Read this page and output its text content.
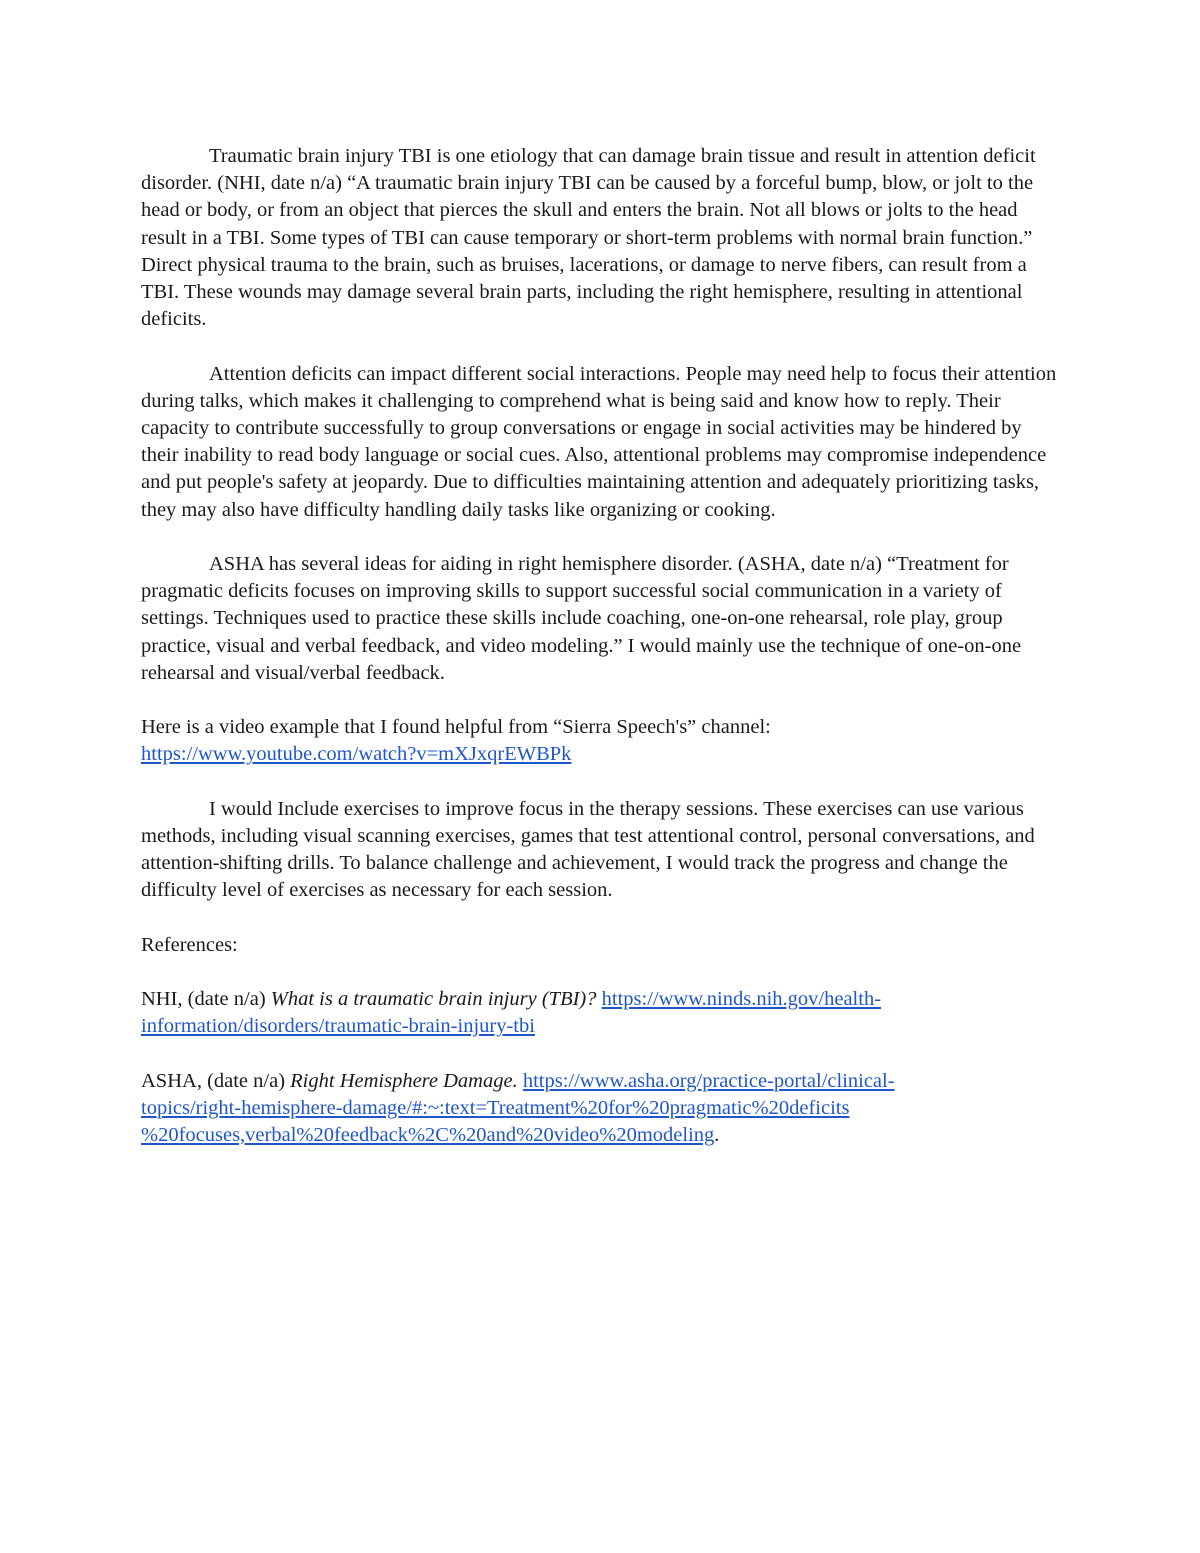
Traumatic brain injury TBI is one etiology that can damage brain tissue and result in attention deficit disorder. (NHI, date n/a) “A traumatic brain injury TBI can be caused by a forceful bump, blow, or jolt to the head or body, or from an object that pierces the skull and enters the brain. Not all blows or jolts to the head result in a TBI. Some types of TBI can cause temporary or short-term problems with normal brain function.” Direct physical trauma to the brain, such as bruises, lacerations, or damage to nerve fibers, can result from a TBI. These wounds may damage several brain parts, including the right hemisphere, resulting in attentional deficits.

Attention deficits can impact different social interactions. People may need help to focus their attention during talks, which makes it challenging to comprehend what is being said and know how to reply. Their capacity to contribute successfully to group conversations or engage in social activities may be hindered by their inability to read body language or social cues. Also, attentional problems may compromise independence and put people's safety at jeopardy. Due to difficulties maintaining attention and adequately prioritizing tasks, they may also have difficulty handling daily tasks like organizing or cooking.

ASHA has several ideas for aiding in right hemisphere disorder. (ASHA, date n/a) “Treatment for pragmatic deficits focuses on improving skills to support successful social communication in a variety of settings. Techniques used to practice these skills include coaching, one-on-one rehearsal, role play, group practice, visual and verbal feedback, and video modeling.” I would mainly use the technique of one-on-one rehearsal and visual/verbal feedback.

Here is a video example that I found helpful from “Sierra Speech's” channel:
https://www.youtube.com/watch?v=mXJxqrEWBPk

I would Include exercises to improve focus in the therapy sessions. These exercises can use various methods, including visual scanning exercises, games that test attentional control, personal conversations, and attention-shifting drills. To balance challenge and achievement, I would track the progress and change the difficulty level of exercises as necessary for each session.

References:

NHI, (date n/a) What is a traumatic brain injury (TBI)? https://www.ninds.nih.gov/health-
information/disorders/traumatic-brain-injury-tbi

ASHA, (date n/a) Right Hemisphere Damage. https://www.asha.org/practice-portal/clinical-
topics/right-hemisphere-damage/#:~:text=Treatment%20for%20pragmatic%20deficits
%20focuses,verbal%20feedback%2C%20and%20video%20modeling.
